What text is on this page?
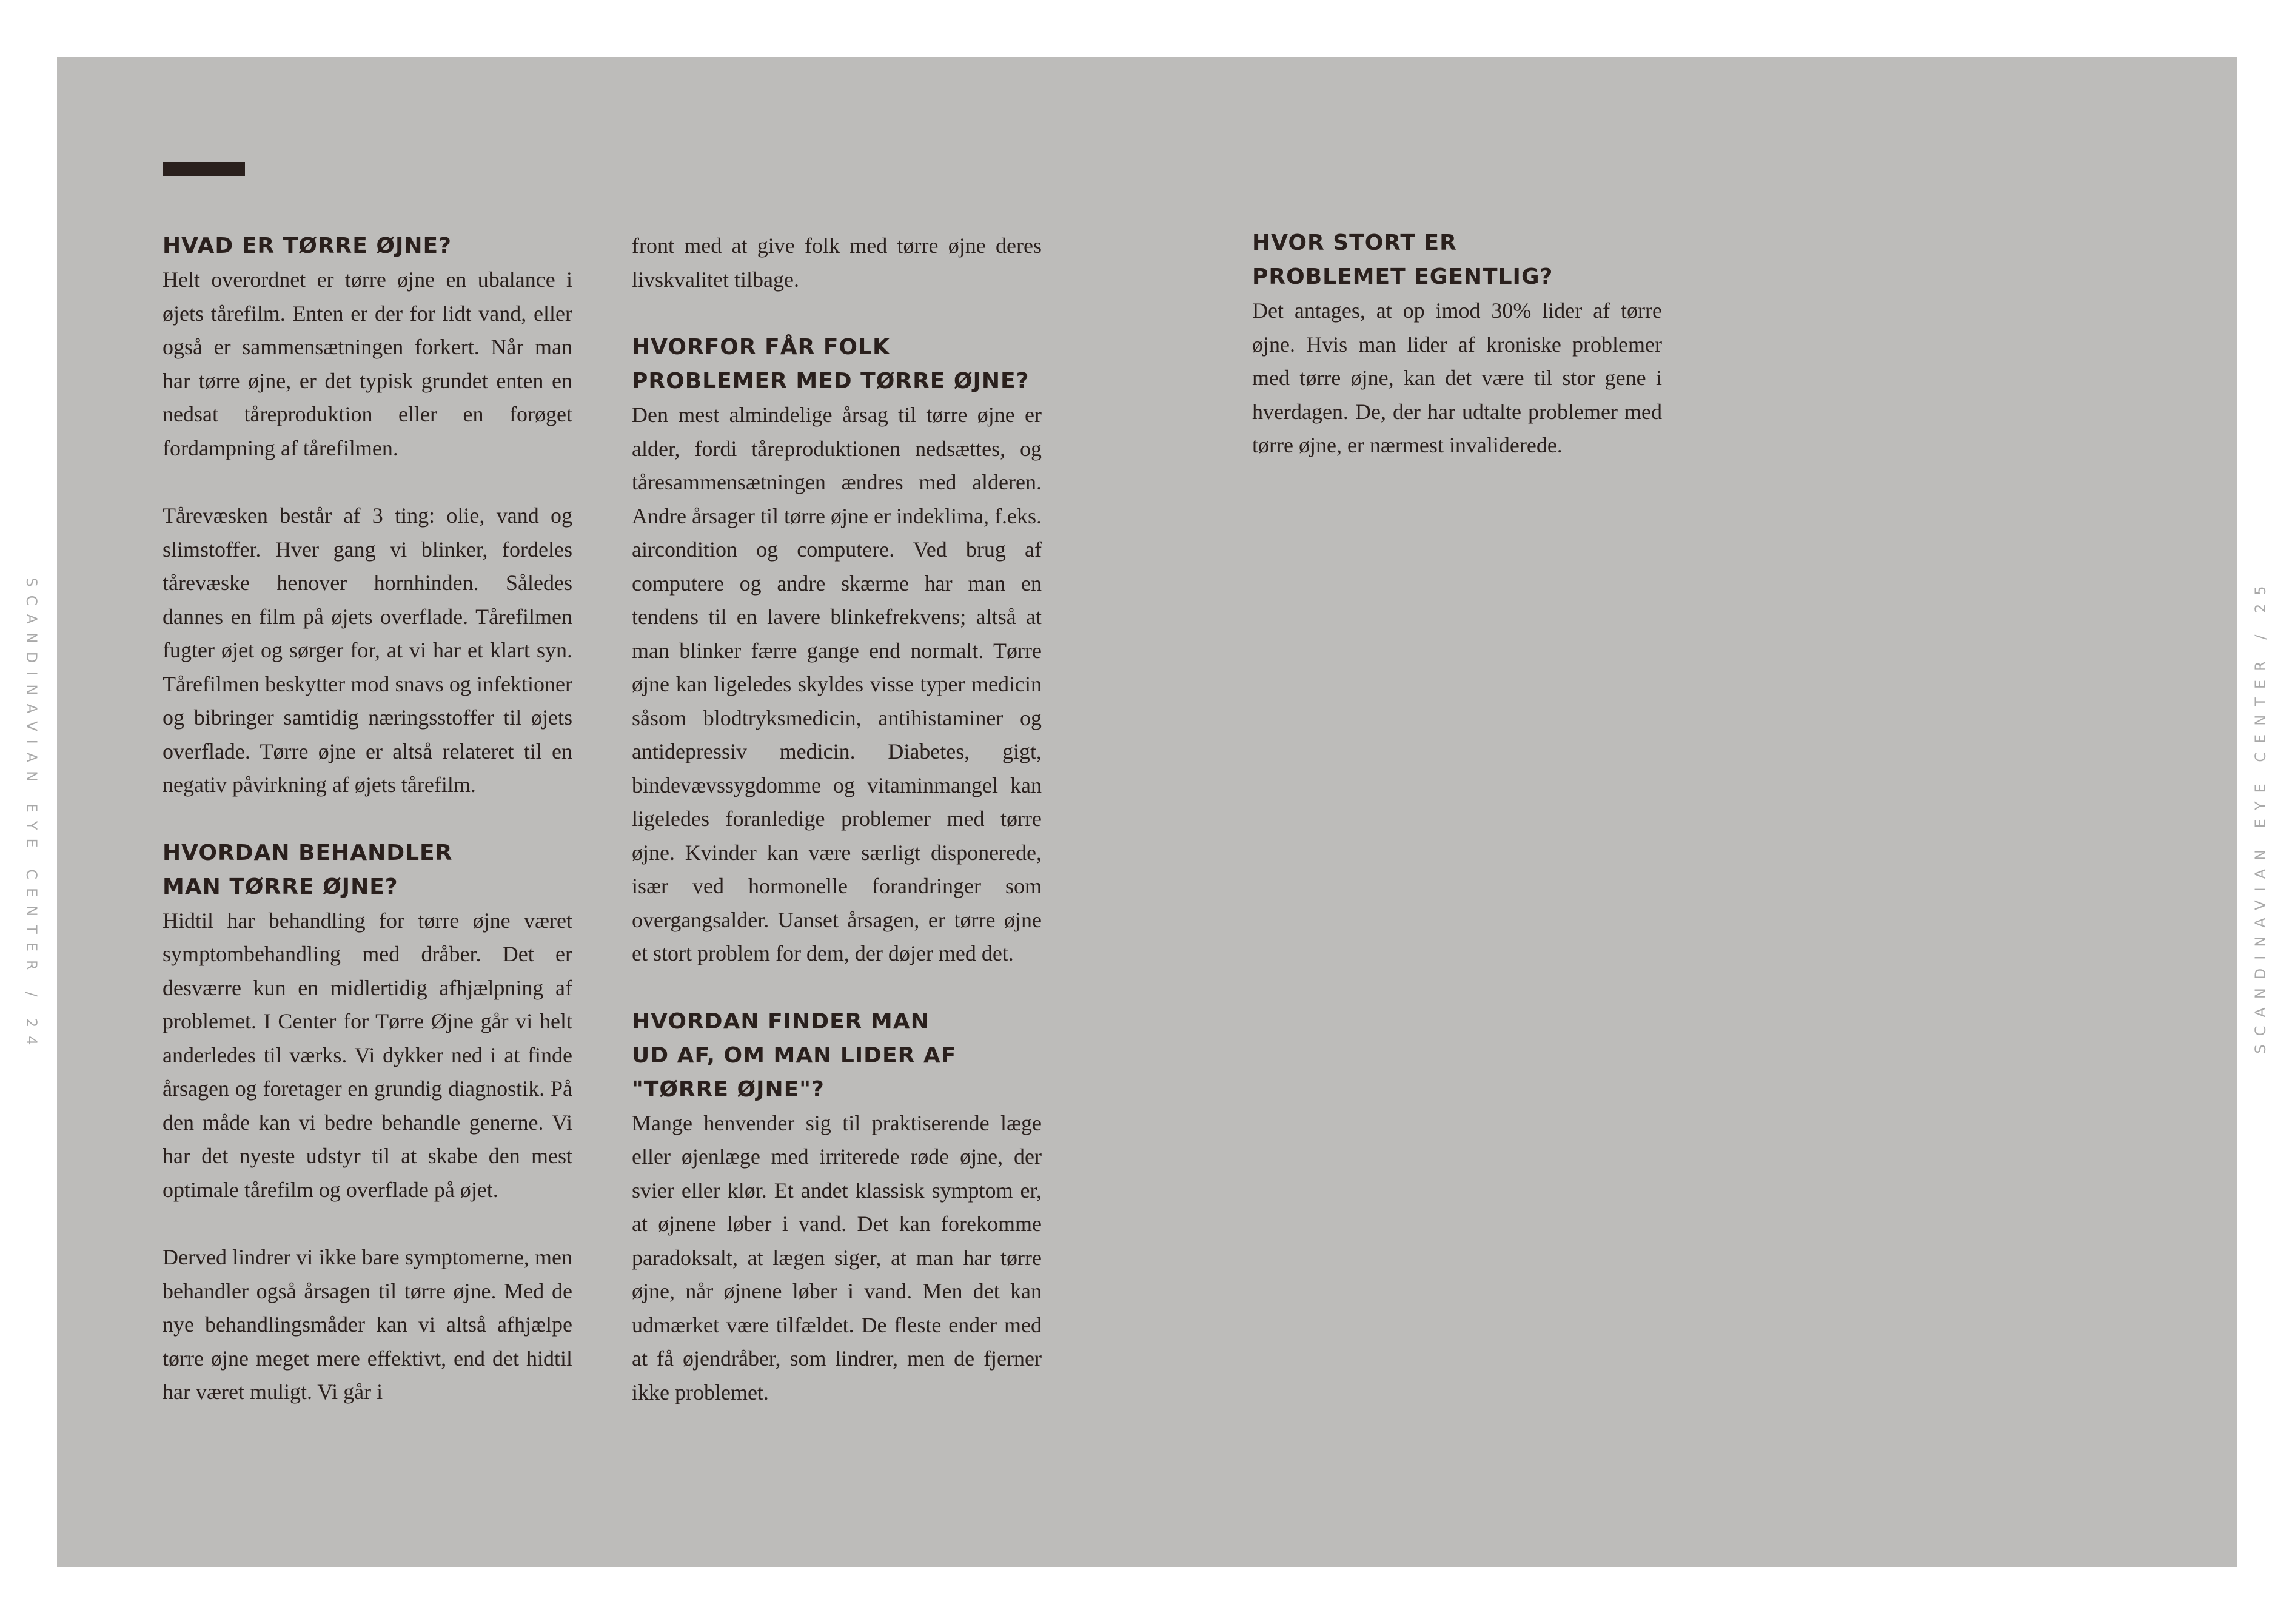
SCANDINAVIAN EYE CENTER / 24	SCANDINAVIAN EYE CENTER / 25
HVAD ER TØRRE ØJNE?

Helt overordnet er tørre øjne en ubalance i øjets tårefilm. Enten er der for lidt vand, eller også er sammensætningen forkert. Når man har tørre øjne, er det typisk grundet enten en nedsat tåreproduktion eller en forøget fordampning af tårefilmen.

Tårevæsken består af 3 ting: olie, vand og slimstoffer. Hver gang vi blinker, fordeles tårevæske henover hornhinden. Således dannes en film på øjets overflade. Tårefilmen fugter øjet og sørger for, at vi har et klart syn. Tårefilmen beskytter mod snavs og infektioner og bibringer samtidig næringsstoffer til øjets overflade. Tørre øjne er altså relateret til en negativ påvirkning af øjets tårefilm.

HVORDAN BEHANDLER
MAN TØRRE ØJNE?

Hidtil har behandling for tørre øjne været symptombehandling med dråber. Det er desværre kun en midlertidig afhjælpning af problemet. I Center for Tørre Øjne går vi helt anderledes til værks. Vi dykker ned i at finde årsagen og foretager en grundig diagnostik. På den måde kan vi bedre behandle generne. Vi har det nyeste udstyr til at skabe den mest optimale tårefilm og overflade på øjet.

Derved lindrer vi ikke bare symptomerne, men behandler også årsagen til tørre øjne. Med de nye behandlingsmåder kan vi altså afhjælpe tørre øjne meget mere effektivt, end det hidtil har været muligt. Vi går i

front med at give folk med tørre øjne deres livskvalitet tilbage.

HVORFOR FÅR FOLK
PROBLEMER MED TØRRE ØJNE?

Den mest almindelige årsag til tørre øjne er alder, fordi tåreproduktionen nedsættes, og tåresammensætningen ændres med alderen. Andre årsager til tørre øjne er indeklima, f.eks. aircondition og computere. Ved brug af computere og andre skærme har man en tendens til en lavere blinkefrekvens; altså at man blinker færre gange end normalt. Tørre øjne kan ligeledes skyldes visse typer medicin såsom blodtryksmedicin, antihistaminer og antidepressiv medicin. Diabetes, gigt, bindevævssygdomme og vitaminmangel kan ligeledes foranledige problemer med tørre øjne. Kvinder kan være særligt disponerede, især ved hormonelle forandringer som overgangsalder. Uanset årsagen, er tørre øjne et stort problem for dem, der døjer med det.

HVORDAN FINDER MAN
UD AF, OM MAN LIDER AF
"TØRRE ØJNE"?

Mange henvender sig til praktiserende læge eller øjenlæge med irriterede røde øjne, der svier eller klør. Et andet klassisk symptom er, at øjnene løber i vand. Det kan forekomme paradoksalt, at lægen siger, at man har tørre øjne, når øjnene løber i vand. Men det kan udmærket være tilfældet. De fleste ender med at få øjendråber, som lindrer, men de fjerner ikke problemet.

HVOR STORT ER
PROBLEMET EGENTLIG?

Det antages, at op imod 30% lider af tørre øjne. Hvis man lider af kroniske problemer med tørre øjne, kan det være til stor gene i hverdagen. De, der har udtalte problemer med tørre øjne, er nærmest invaliderede.
